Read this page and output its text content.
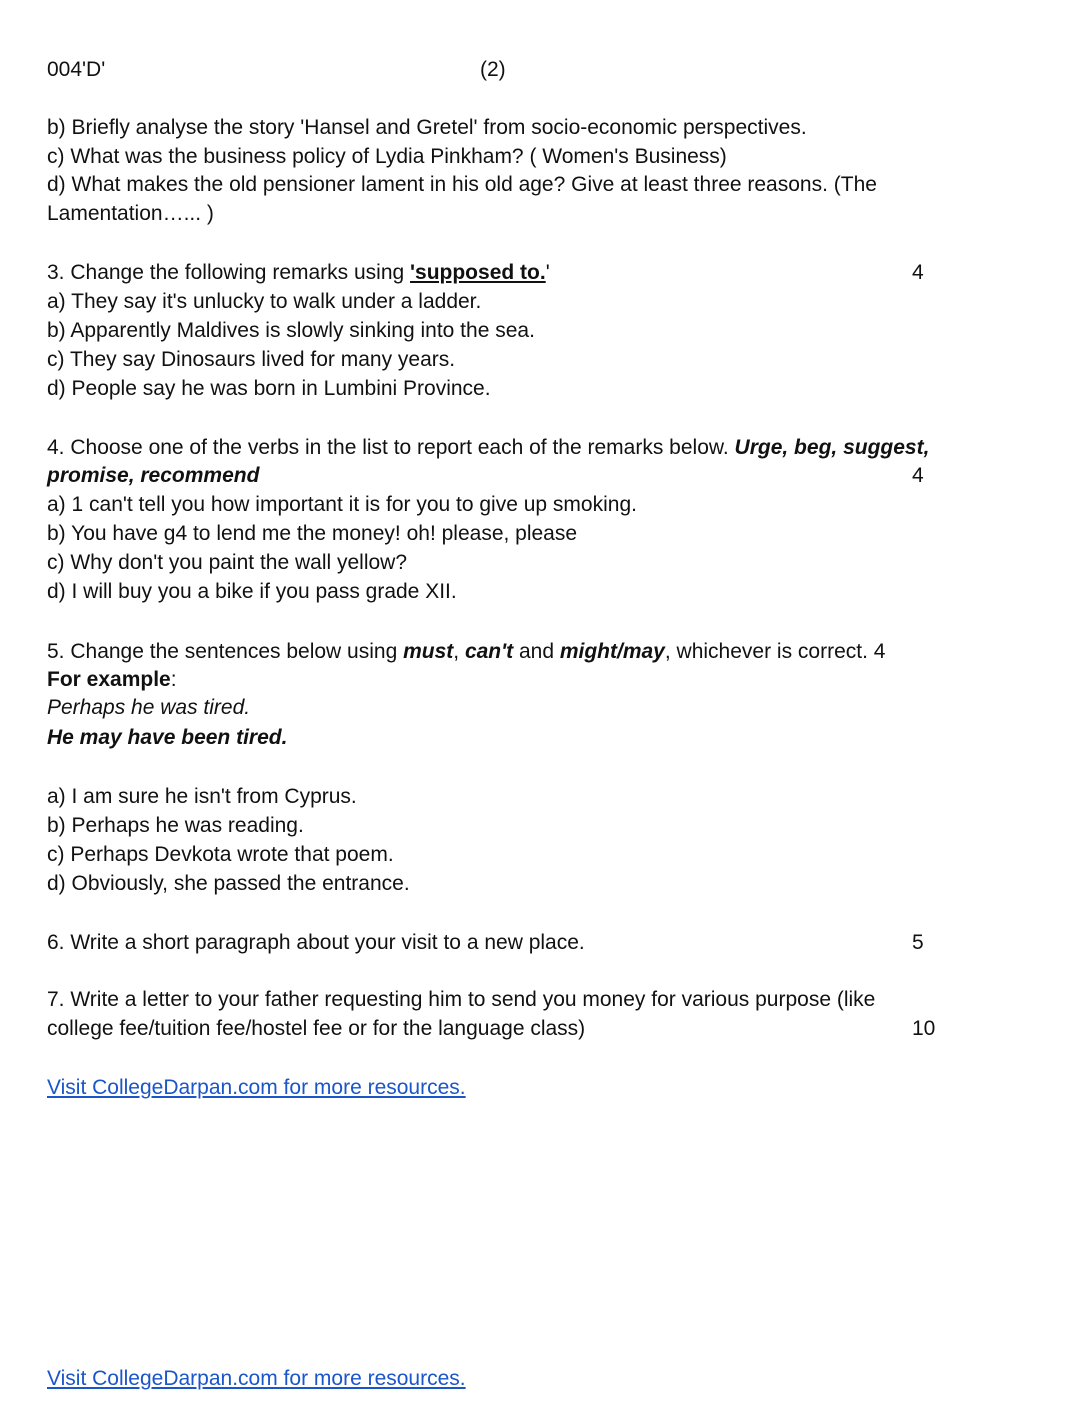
004'D'	(2)
b) Briefly analyse the story 'Hansel and Gretel' from socio-economic perspectives.
c) What was the business policy of Lydia Pinkham? ( Women's Business)
d) What makes the old pensioner lament in his old age? Give at least three reasons. (The
Lamentation…... )
3. Change the following remarks using 'supposed to.'	4
a) They say it's unlucky to walk under a ladder.
b) Apparently Maldives is slowly sinking into the sea.
c) They say Dinosaurs lived for many years.
d) People say he was born in Lumbini Province.
4. Choose one of the verbs in the list to report each of the remarks below. Urge, beg, suggest,
promise, recommend	4
a) 1 can't tell you how important it is for you to give up smoking.
b) You have g4 to lend me the money! oh! please, please
c) Why don't you paint the wall yellow?
d) I will buy you a bike if you pass grade XII.
5. Change the sentences below using must, can't and might/may, whichever is correct. 4
For example:
Perhaps he was tired.
He may have been tired.
a) I am sure he isn't from Cyprus.
b) Perhaps he was reading.
c) Perhaps Devkota wrote that poem.
d) Obviously, she passed the entrance.
6. Write a short paragraph about your visit to a new place.	5
7. Write a letter to your father requesting him to send you money for various purpose (like
college fee/tuition fee/hostel fee or for the language class)	10
Visit CollegeDarpan.com for more resources.
Visit CollegeDarpan.com for more resources.
